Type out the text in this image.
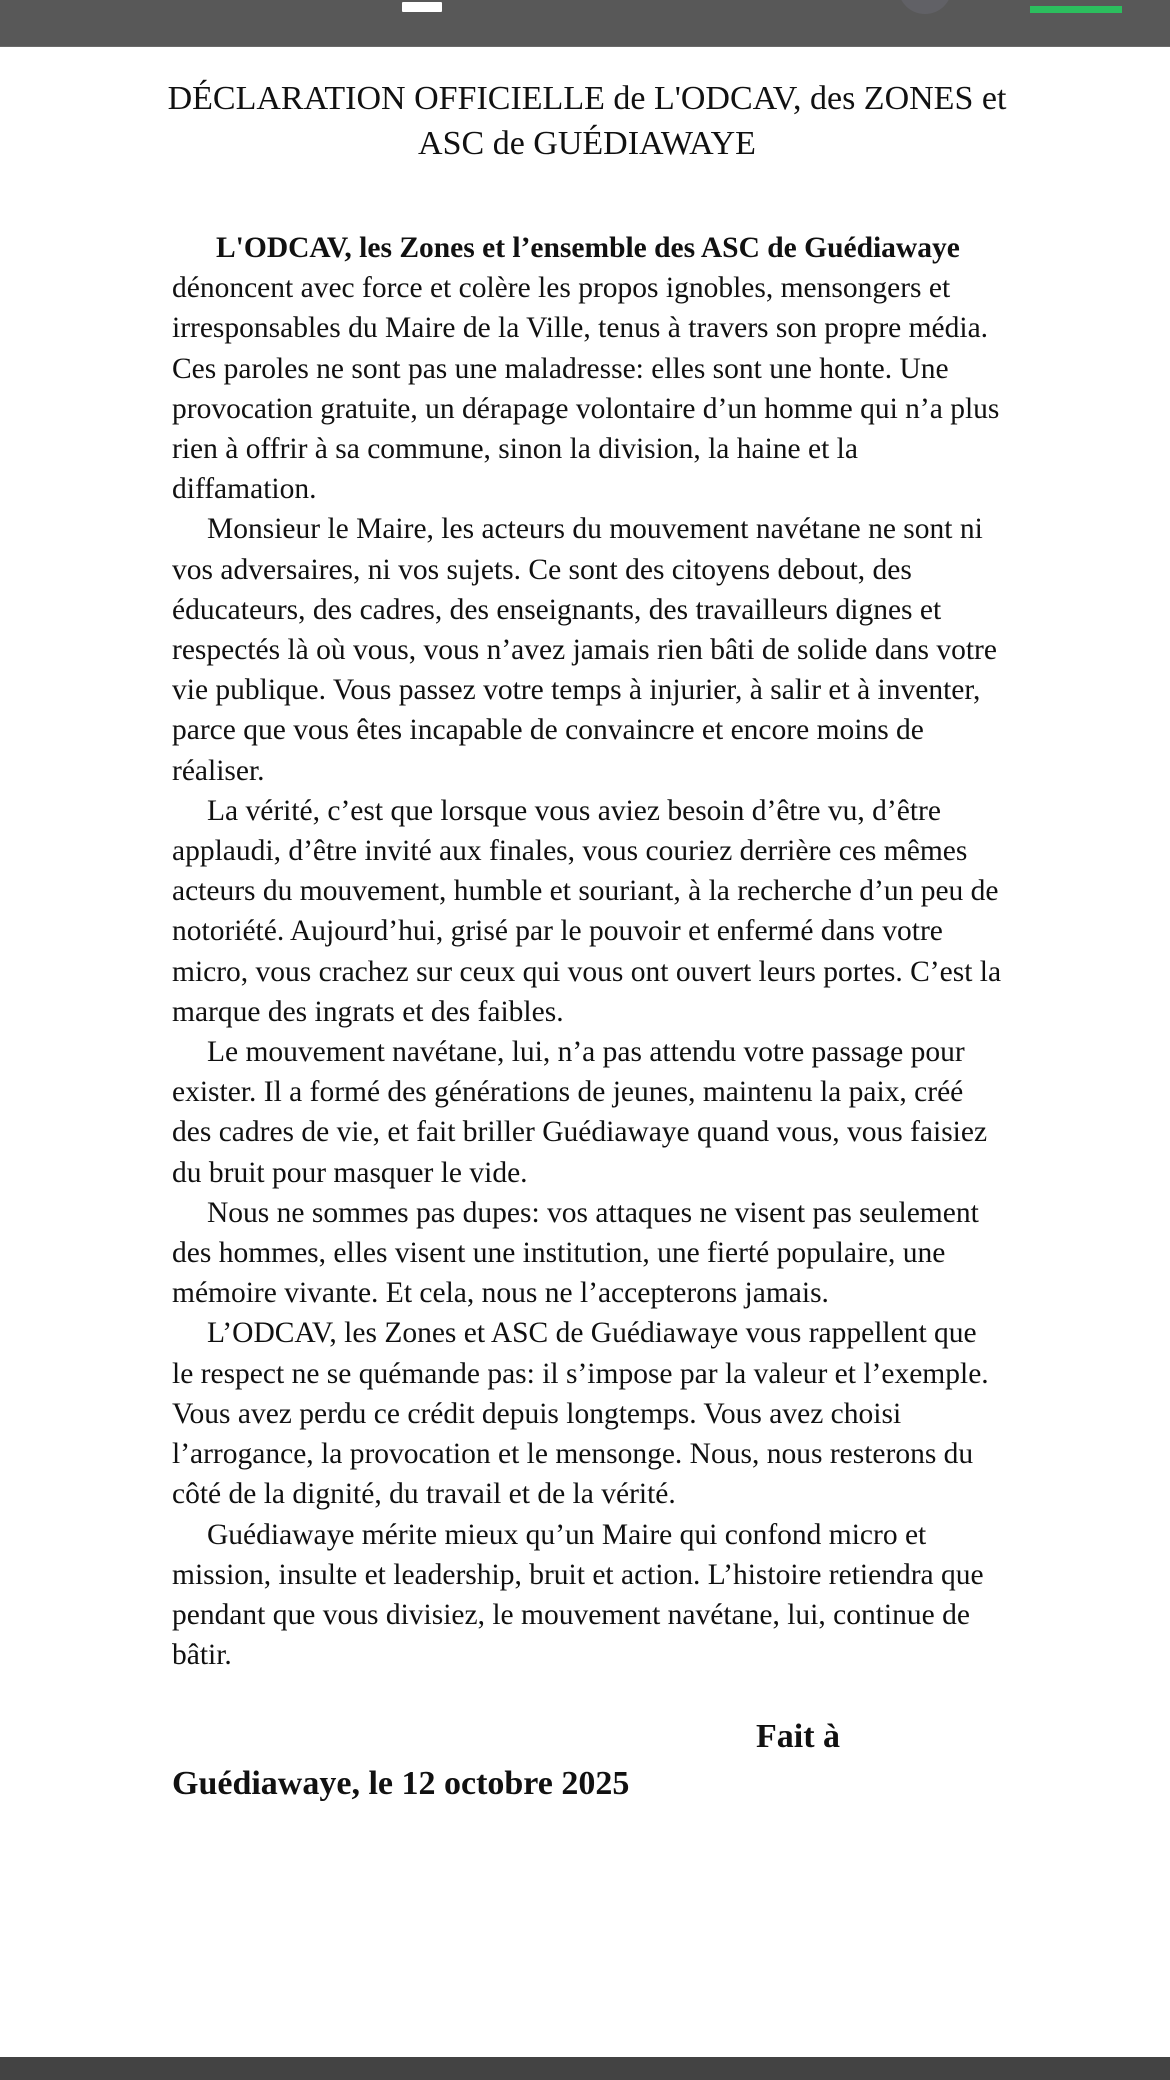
DÉCLARATION OFFICIELLE de L'ODCAV, des ZONES et ASC de GUÉDIAWAYE

L'ODCAV, les Zones et l’ensemble des ASC de Guédiawaye dénoncent avec force et colère les propos ignobles, mensongers et irresponsables du Maire de la Ville, tenus à travers son propre média. Ces paroles ne sont pas une maladresse: elles sont une honte. Une provocation gratuite, un dérapage volontaire d’un homme qui n’a plus rien à offrir à sa commune, sinon la division, la haine et la diffamation.

Monsieur le Maire, les acteurs du mouvement navétane ne sont ni vos adversaires, ni vos sujets. Ce sont des citoyens debout, des éducateurs, des cadres, des enseignants, des travailleurs dignes et respectés là où vous, vous n’avez jamais rien bâti de solide dans votre vie publique. Vous passez votre temps à injurier, à salir et à inventer, parce que vous êtes incapable de convaincre et encore moins de réaliser.

La vérité, c’est que lorsque vous aviez besoin d’être vu, d’être applaudi, d’être invité aux finales, vous couriez derrière ces mêmes acteurs du mouvement, humble et souriant, à la recherche d’un peu de notoriété. Aujourd’hui, grisé par le pouvoir et enfermé dans votre micro, vous crachez sur ceux qui vous ont ouvert leurs portes. C’est la marque des ingrats et des faibles.

Le mouvement navétane, lui, n’a pas attendu votre passage pour exister. Il a formé des générations de jeunes, maintenu la paix, créé des cadres de vie, et fait briller Guédiawaye quand vous, vous faisiez du bruit pour masquer le vide.

Nous ne sommes pas dupes: vos attaques ne visent pas seulement des hommes, elles visent une institution, une fierté populaire, une mémoire vivante. Et cela, nous ne l’accepterons jamais.

L’ODCAV, les Zones et ASC de Guédiawaye vous rappellent que le respect ne se quémande pas: il s’impose par la valeur et l’exemple. Vous avez perdu ce crédit depuis longtemps. Vous avez choisi l’arrogance, la provocation et le mensonge. Nous, nous resterons du côté de la dignité, du travail et de la vérité.

Guédiawaye mérite mieux qu’un Maire qui confond micro et mission, insulte et leadership, bruit et action. L’histoire retiendra que pendant que vous divisiez, le mouvement navétane, lui, continue de bâtir.

Fait à
Guédiawaye, le 12 octobre 2025
